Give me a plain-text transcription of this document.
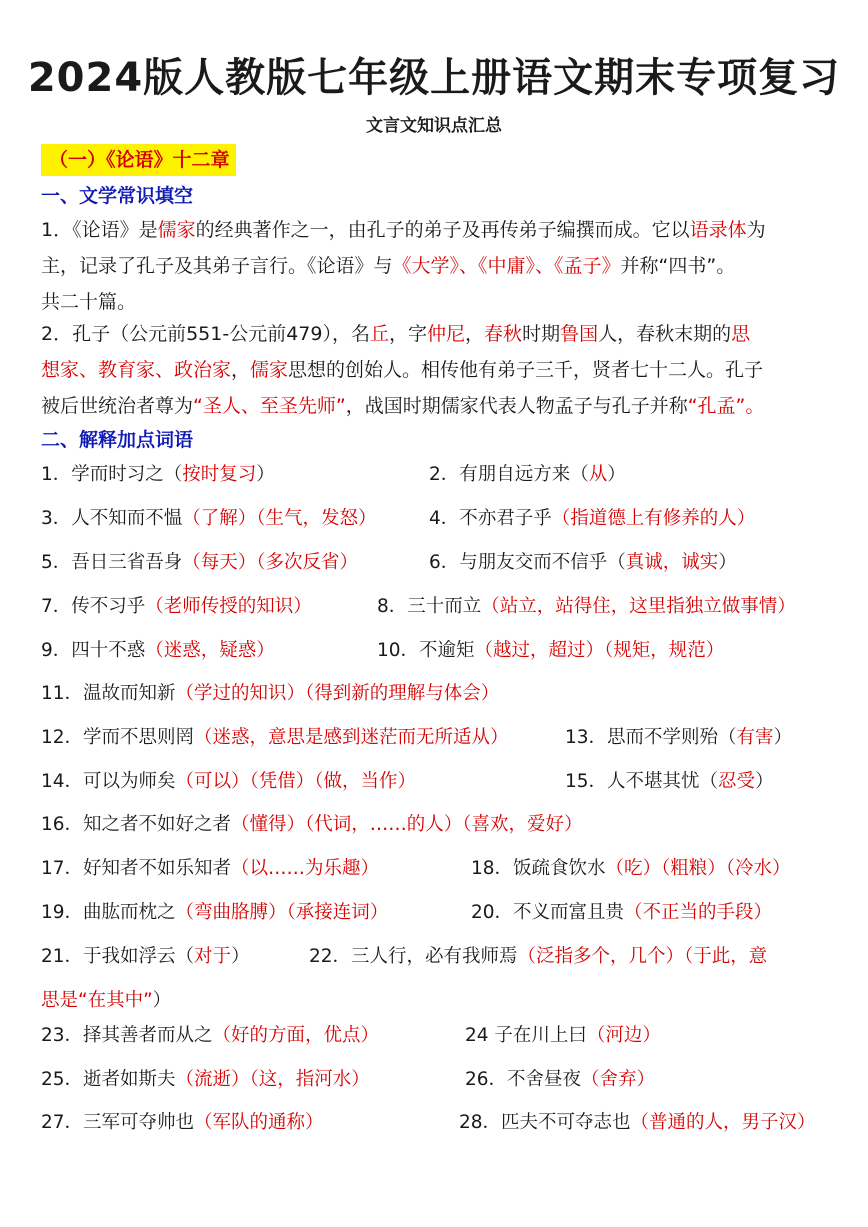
2024版人教版七年级上册语文期末专项复习
文言文知识点汇总
（一）《论语》十二章
一、文学常识填空
1．《论语》是儒家的经典著作之一，由孔子的弟子及再传弟子编撰而成。它以语录体为
主，记录了孔子及其弟子言行。《论语》与《大学》、《中庸》、《孟子》并称“四书”。
共二十篇。
2．孔子（公元前551-公元前479），名丘，字仲尼，春秋时期鲁国人，春秋末期的思
想家、教育家、政治家，儒家思想的创始人。相传他有弟子三千，贤者七十二人。孔子
被后世统治者尊为“圣人、至圣先师”，战国时期儒家代表人物孟子与孔子并称“孔孟”。
二、解释加点词语
1．学而时习之（按时复习）	2．有朋自远方来（从）
3．人不知而不愠（了解）（生气，发怒）	4．不亦君子乎（指道德上有修养的人）
5．吾日三省吾身（每天）（多次反省）	6．与朋友交而不信乎（真诚，诚实）
7．传不习乎（老师传授的知识）	8．三十而立（站立，站得住，这里指独立做事情）
9．四十不惑（迷惑，疑惑）	10．不逾矩（越过，超过）（规矩，规范）
11．温故而知新（学过的知识）（得到新的理解与体会）
12．学而不思则罔（迷惑，意思是感到迷茫而无所适从）	13．思而不学则殆（有害）
14．可以为师矣（可以）（凭借）（做，当作）	15．人不堪其忧（忍受）
16．知之者不如好之者（懂得）（代词，……的人）（喜欢，爱好）
17．好知者不如乐知者（以……为乐趣）	18．饭疏食饮水（吃）（粗粮）（冷水）
19．曲肱而枕之（弯曲胳膊）（承接连词）	20．不义而富且贵（不正当的手段）
21．于我如浮云（对于）	22．三人行，必有我师焉（泛指多个，几个）（于此，意
思是“在其中”）
23．择其善者而从之（好的方面，优点）	24 子在川上曰（河边）
25．逝者如斯夫（流逝）（这，指河水）	26．不舍昼夜（舍弃）
27．三军可夺帅也（军队的通称）	28．匹夫不可夺志也（普通的人，男子汉）
